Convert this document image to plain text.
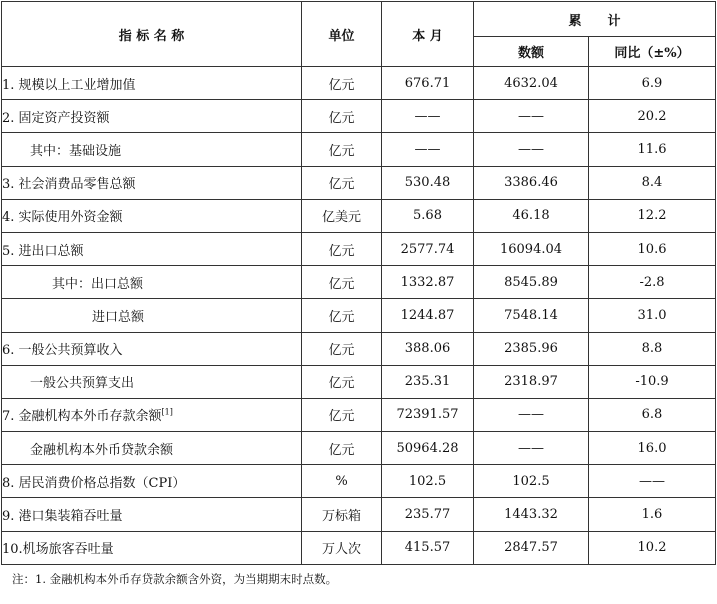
指 标 名 称	单位	本 月	累　　计	
			数额	同比（±%）
1. 规模以上工业增加值	亿元	676.71	4632.04	6.9
2. 固定资产投资额	亿元	——	——	20.2
其中：基础设施	亿元	——	——	11.6
3. 社会消费品零售总额	亿元	530.48	3386.46	8.4
4. 实际使用外资金额	亿美元	5.68	46.18	12.2
5. 进出口总额	亿元	2577.74	16094.04	10.6
其中：出口总额	亿元	1332.87	8545.89	-2.8
进口总额	亿元	1244.87	7548.14	31.0
6. 一般公共预算收入	亿元	388.06	2385.96	8.8
一般公共预算支出	亿元	235.31	2318.97	-10.9
7. 金融机构本外币存款余额[1]	亿元	72391.57	——	6.8
金融机构本外币贷款余额	亿元	50964.28	——	16.0
8. 居民消费价格总指数（CPI）	%	102.5	102.5	——
9. 港口集装箱吞吐量	万标箱	235.77	1443.32	1.6
10.机场旅客吞吐量	万人次	415.57	2847.57	10.2
注：1. 金融机构本外币存贷款余额含外资，为当期期末时点数。
